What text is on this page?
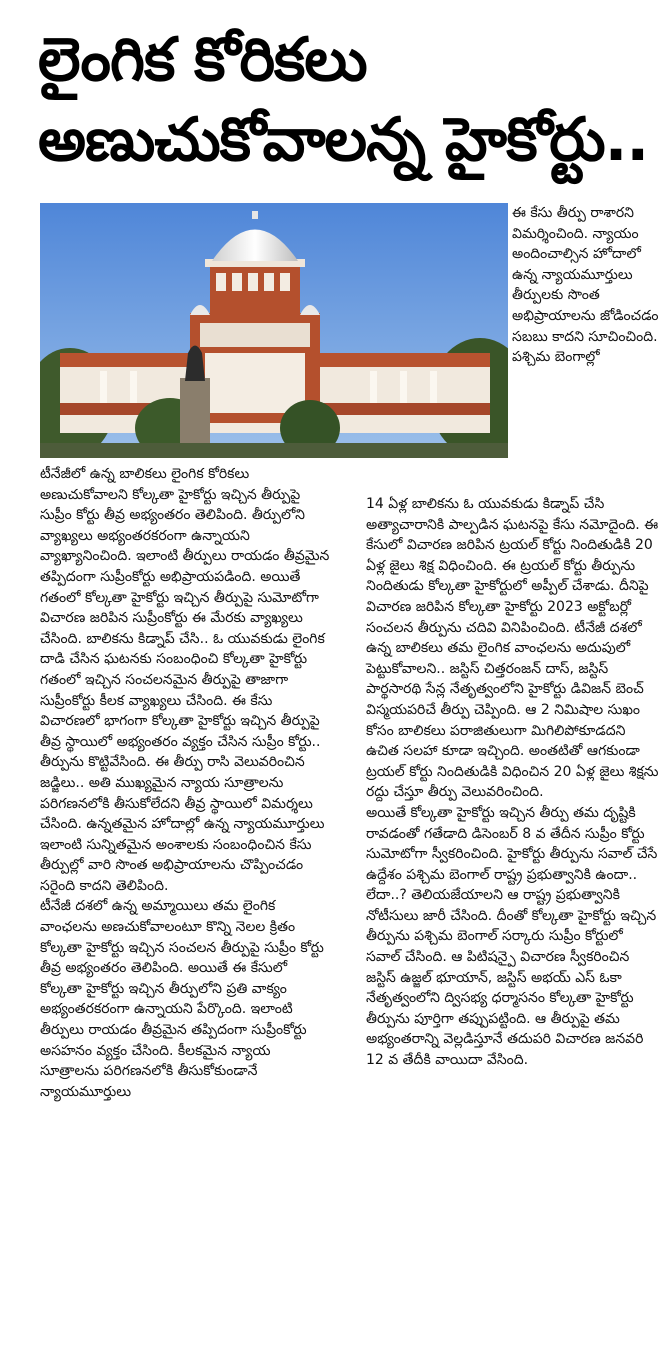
లైంగిక కోరికలు
అణుచుకోవాలన్న హైకోర్టు..

ఈ కేసు తీర్పు రాశారని విమర్శించింది. న్యాయం అందించాల్సిన హోదాలో ఉన్న న్యాయమూర్తులు తీర్పులకు సొంత అభిప్రాయాలను జోడించడం సబబు కాదని సూచించింది. పశ్చిమ బెంగాల్లో

టీనేజీలో ఉన్న బాలికలు లైంగిక కోరికలు అణుచుకోవాలని కోల్కతా హైకోర్టు ఇచ్చిన తీర్పుపై సుప్రీం కోర్టు తీవ్ర అభ్యంతరం తెలిపింది. తీర్పులోని వ్యాఖ్యలు అభ్యంతరకరంగా ఉన్నాయని వ్యాఖ్యానించింది. ఇలాంటి తీర్పులు రాయడం తీవ్రమైన తప్పిదంగా సుప్రీంకోర్టు అభిప్రాయపడింది. అయితే గతంలో కోల్కతా హైకోర్టు ఇచ్చిన తీర్పుపై సుమోటోగా విచారణ జరిపిన సుప్రీంకోర్టు ఈ మేరకు వ్యాఖ్యలు చేసింది. బాలికను కిడ్నాప్ చేసి.. ఓ యువకుడు లైంగిక దాడి చేసిన ఘటనకు సంబంధించి కోల్కతా హైకోర్టు గతంలో ఇచ్చిన సంచలనమైన తీర్పుపై తాజాగా సుప్రీంకోర్టు కీలక వ్యాఖ్యలు చేసింది. ఈ కేసు విచారణలో భాగంగా కోల్కతా హైకోర్టు ఇచ్చిన తీర్పుపై తీవ్ర స్థాయిలో అభ్యంతరం వ్యక్తం చేసిన సుప్రీం కోర్టు.. తీర్పును కొట్టివేసింది. ఈ తీర్పు రాసి వెలువరించిన జడ్జిలు.. అతి ముఖ్యమైన న్యాయ సూత్రాలను పరిగణనలోకి తీసుకోలేదని తీవ్ర స్థాయిలో విమర్శలు చేసింది. ఉన్నతమైన హోదాల్లో ఉన్న న్యాయమూర్తులు ఇలాంటి సున్నితమైన అంశాలకు సంబంధించిన కేసు తీర్పుల్లో వారి సొంత అభిప్రాయాలను చొప్పించడం సరైంది కాదని తెలిపింది.

టీనేజీ దశలో ఉన్న అమ్మాయిలు తమ లైంగిక వాంఛలను అణచుకోవాలంటూ కొన్ని నెలల క్రితం కోల్కతా హైకోర్టు ఇచ్చిన సంచలన తీర్పుపై సుప్రీం కోర్టు తీవ్ర అభ్యంతరం తెలిపింది. అయితే ఈ కేసులో కోల్కతా హైకోర్టు ఇచ్చిన తీర్పులోని ప్రతి వాక్యం అభ్యంతరకరంగా ఉన్నాయని పేర్కొంది. ఇలాంటి తీర్పులు రాయడం తీవ్రమైన తప్పిదంగా సుప్రీంకోర్టు అసహనం వ్యక్తం చేసింది. కీలకమైన న్యాయ సూత్రాలను పరిగణనలోకి తీసుకోకుండానే న్యాయమూర్తులు

14 ఏళ్ల బాలికను ఓ యువకుడు కిడ్నాప్ చేసి అత్యాచారానికి పాల్పడిన ఘటనపై కేసు నమోదైంది. ఈ కేసులో విచారణ జరిపిన ట్రయల్ కోర్టు నిందితుడికి 20 ఏళ్ల జైలు శిక్ష విధించింది. ఈ ట్రయల్ కోర్టు తీర్పును నిందితుడు కోల్కతా హైకోర్టులో అప్పీల్ చేశాడు. దీనిపై విచారణ జరిపిన కోల్కతా హైకోర్టు 2023 అక్టోబర్లో సంచలన తీర్పును చదివి వినిపించింది. టీనేజీ దశలో ఉన్న బాలికలు తమ లైంగిక వాంఛలను అదుపులో పెట్టుకోవాలని.. జస్టిస్ చిత్తరంజన్ దాస్, జస్టిస్ పార్థసారథి సేన్ల నేతృత్వంలోని హైకోర్టు డివిజన్ బెంచ్ విస్మయపరిచే తీర్పు చెప్పింది. ఆ 2 నిమిషాల సుఖం కోసం బాలికలు పరాజితులుగా మిగిలిపోకూడదని ఉచిత సలహా కూడా ఇచ్చింది. అంతటితో ఆగకుండా ట్రయల్ కోర్టు నిందితుడికి విధించిన 20 ఏళ్ల జైలు శిక్షను రద్దు చేస్తూ తీర్పు వెలువరించింది.

అయితే కోల్కతా హైకోర్టు ఇచ్చిన తీర్పు తమ దృష్టికి రావడంతో గతేడాది డిసెంబర్ 8 వ తేదీన సుప్రీం కోర్టు సుమోటోగా స్వీకరించింది. హైకోర్టు తీర్పును సవాల్ చేసే ఉద్దేశం పశ్చిమ బెంగాల్ రాష్ట్ర ప్రభుత్వానికి ఉందా.. లేదా..? తెలియజేయాలని ఆ రాష్ట్ర ప్రభుత్వానికి నోటీసులు జారీ చేసింది. దీంతో కోల్కతా హైకోర్టు ఇచ్చిన తీర్పును పశ్చిమ బెంగాల్ సర్కారు సుప్రీం కోర్టులో సవాల్ చేసింది. ఆ పిటిషన్పై విచారణ స్వీకరించిన జస్టిస్ ఉజ్జల్ భూయాన్, జస్టిస్ అభయ్ ఎస్ ఓకా నేతృత్వంలోని ద్విసభ్య ధర్మాసనం కోల్కతా హైకోర్టు తీర్పును పూర్తిగా తప్పుపట్టింది. ఆ తీర్పుపై తమ అభ్యంతరాన్ని వెల్లడిస్తూనే తదుపరి విచారణ జనవరి 12 వ తేదీకి వాయిదా వేసింది.
